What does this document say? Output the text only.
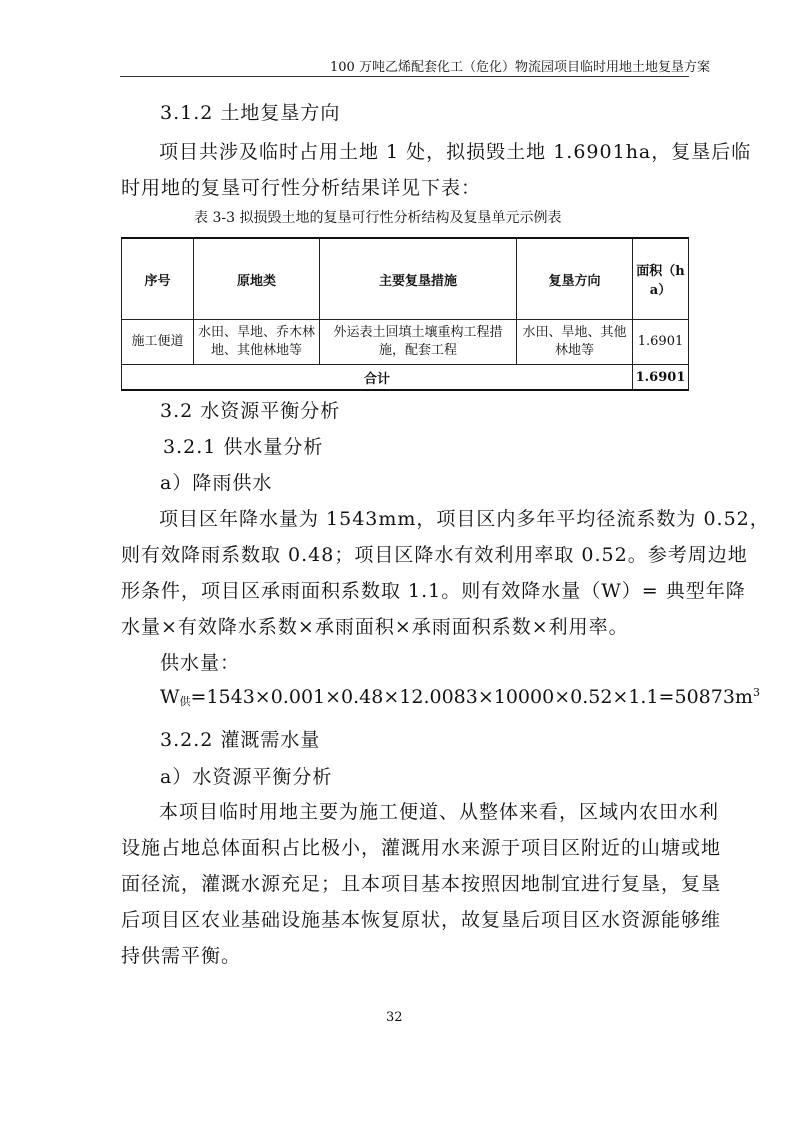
100 万吨乙烯配套化工（危化）物流园项目临时用地土地复垦方案
3.1.2 土地复垦方向
项目共涉及临时占用土地 1 处，拟损毁土地 1.6901ha，复垦后临
时用地的复垦可行性分析结果详见下表：
表 3-3 拟损毁土地的复垦可行性分析结构及复垦单元示例表
序号	原地类	主要复垦措施	复垦方向	面积（ha）
施工便道	水田、旱地、乔木林地、其他林地等	外运表土回填土壤重构工程措施，配套工程	水田、旱地、其他林地等	1.6901
合计				1.6901
3.2 水资源平衡分析
3.2.1 供水量分析
a）降雨供水
项目区年降水量为 1543mm，项目区内多年平均径流系数为 0.52，
则有效降雨系数取 0.48；项目区降水有效利用率取 0.52。参考周边地
形条件，项目区承雨面积系数取 1.1。则有效降水量（W）= 典型年降
水量×有效降水系数×承雨面积×承雨面积系数×利用率。
供水量：
$W_供=1543\times 0.001\times 0.48\times 12.0083\times 10000\times 0.52\times 1.1=50873m^3$
3.2.2 灌溉需水量
a）水资源平衡分析
本项目临时用地主要为施工便道、从整体来看，区域内农田水利
设施占地总体面积占比极小，灌溉用水来源于项目区附近的山塘或地
面径流，灌溉水源充足；且本项目基本按照因地制宜进行复垦，复垦
后项目区农业基础设施基本恢复原状，故复垦后项目区水资源能够维
持供需平衡。
32
